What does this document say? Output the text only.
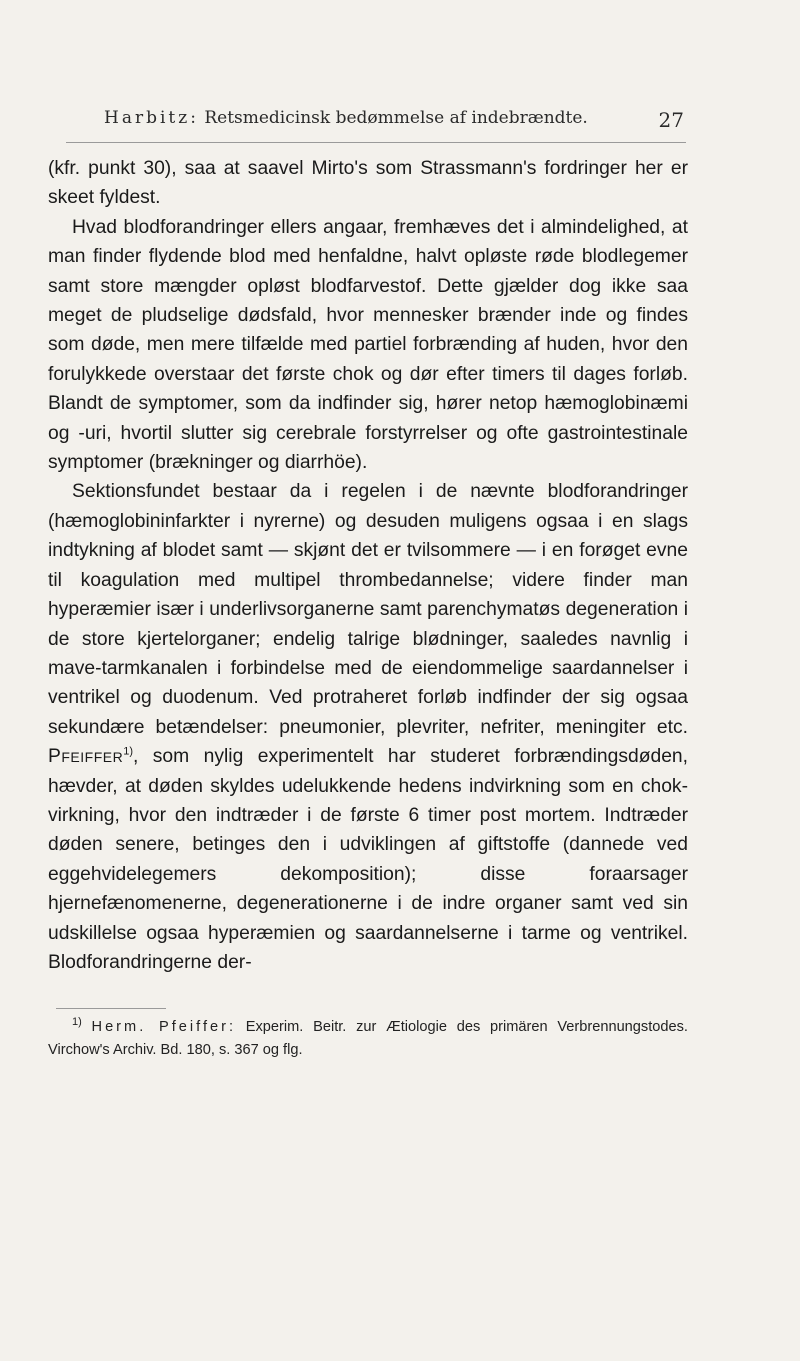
Harbitz: Retsmedicinsk bedømmelse af indebrændte.	27

(kfr. punkt 30), saa at saavel Mirto's som Strassmann's fordringer her er skeet fyldest.

Hvad blodforandringer ellers angaar, fremhæves det i almindelighed, at man finder flydende blod med henfaldne, halvt opløste røde blodlegemer samt store mængder opløst blodfarvestof. Dette gjælder dog ikke saa meget de pludselige dødsfald, hvor mennesker brænder inde og findes som døde, men mere tilfælde med partiel forbrænding af huden, hvor den forulykkede overstaar det første chok og dør efter timers til dages forløb. Blandt de symptomer, som da indfinder sig, hører netop hæmoglobinæmi og -uri, hvortil slutter sig cerebrale forstyrrelser og ofte gastrointestinale symptomer (brækninger og diarrhöe).

Sektionsfundet bestaar da i regelen i de nævnte blodforandringer (hæmoglobininfarkter i nyrerne) og desuden muligens ogsaa i en slags indtykning af blodet samt — skjønt det er tvilsommere — i en forøget evne til koagulation med multipel thrombedannelse; videre finder man hyperæmier især i underlivsorganerne samt parenchymatøs degeneration i de store kjertelorganer; endelig talrige blødninger, saaledes navnlig i mave-tarmkanalen i forbindelse med de eiendommelige saardannelser i ventrikel og duodenum. Ved protraheret forløb indfinder der sig ogsaa sekundære betændelser: pneumonier, plevriter, nefriter, meningiter etc. Pfeiffer$^{1)}$, som nylig experimentelt har studeret forbrændingsdøden, hævder, at døden skyldes udelukkende hedens indvirkning som en chok-virkning, hvor den indtræder i de første 6 timer post mortem. Indtræder døden senere, betinges den i udviklingen af giftstoffe (dannede ved eggehvidelegemers dekomposition); disse foraarsager hjernefænomenerne, degenerationerne i de indre organer samt ved sin udskillelse ogsaa hyperæmien og saardannelserne i tarme og ventrikel. Blodforandringerne der-

$^{1)}$ Herm. Pfeiffer: Experim. Beitr. zur Ætiologie des primären Verbrennungstodes. Virchow's Archiv. Bd. 180, s. 367 og flg.
